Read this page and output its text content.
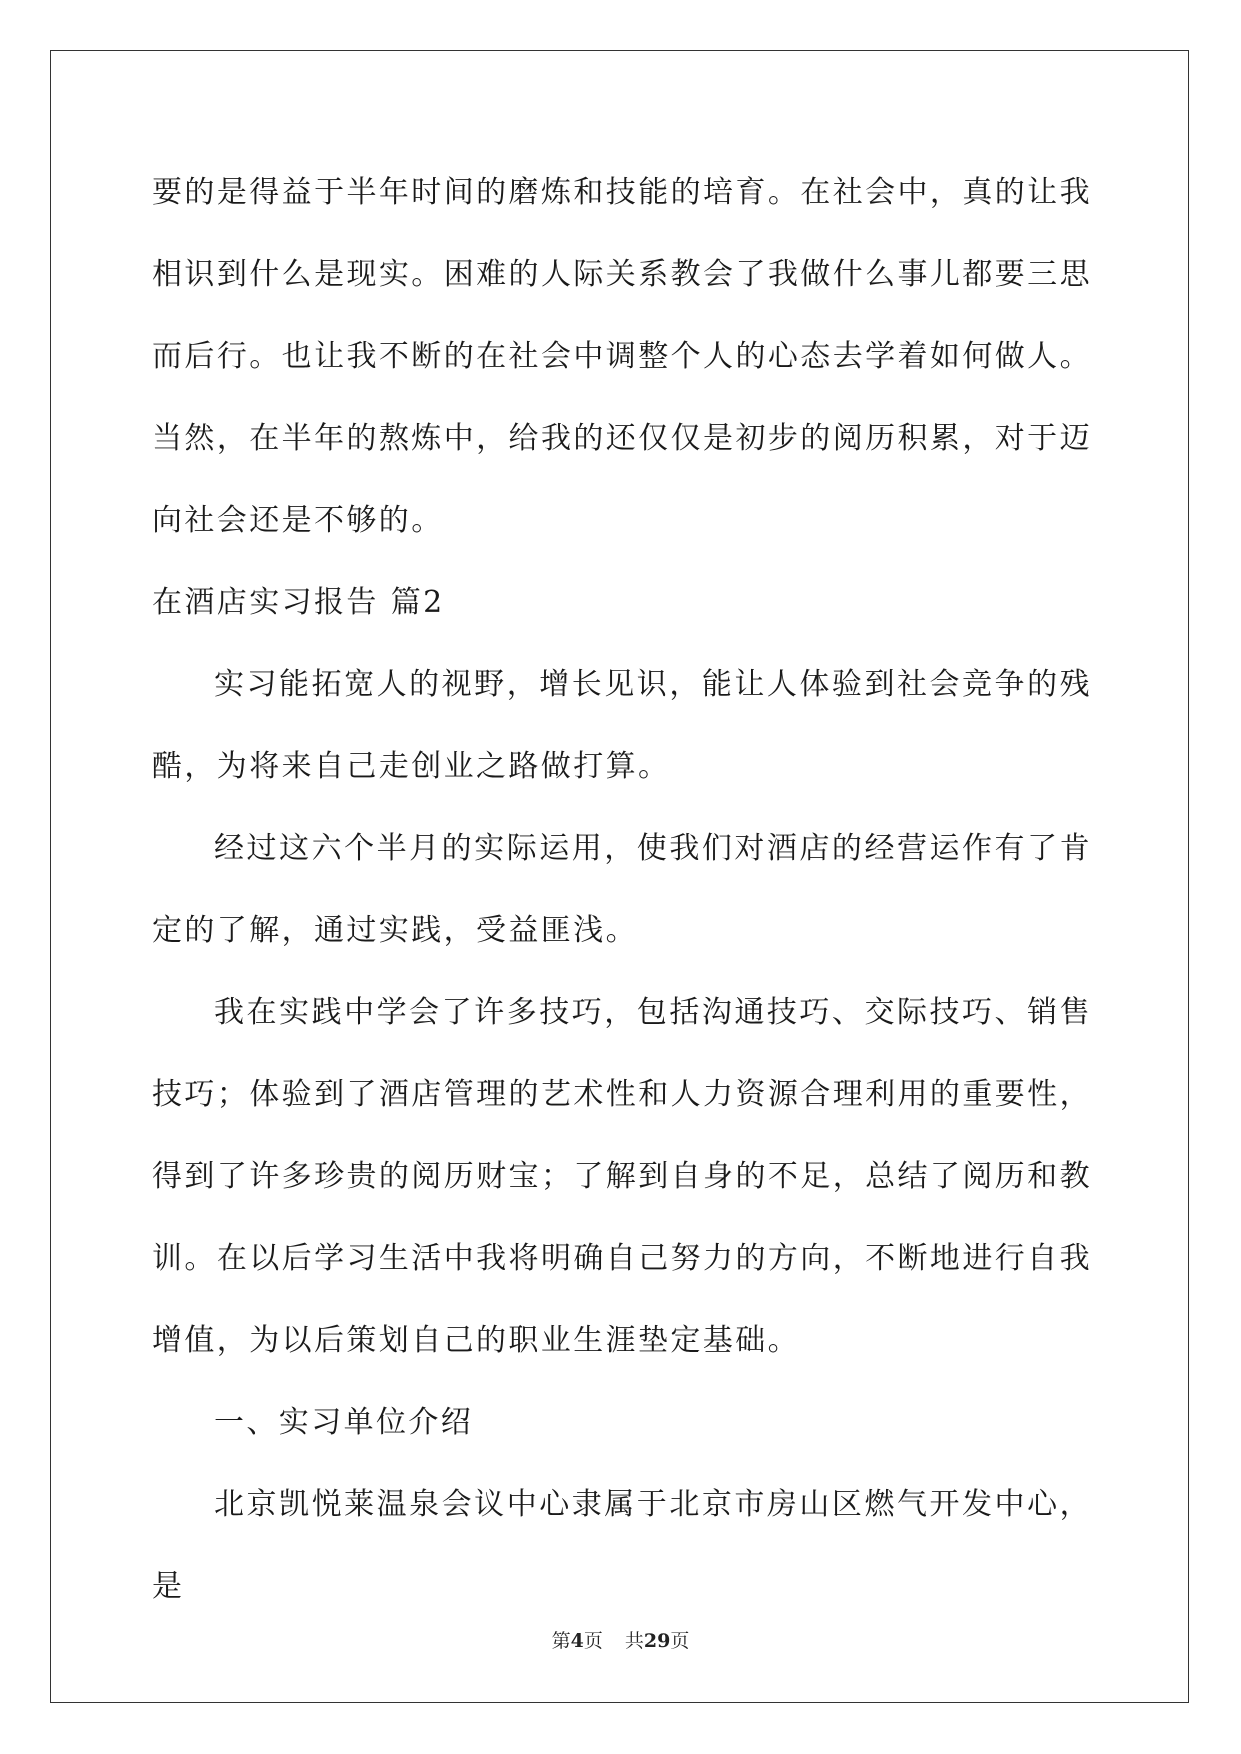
要的是得益于半年时间的磨炼和技能的培育。在社会中，真的让我相识到什么是现实。困难的人际关系教会了我做什么事儿都要三思而后行。也让我不断的在社会中调整个人的心态去学着如何做人。当然，在半年的熬炼中，给我的还仅仅是初步的阅历积累，对于迈向社会还是不够的。

在酒店实习报告 篇2

实习能拓宽人的视野，增长见识，能让人体验到社会竞争的残酷，为将来自己走创业之路做打算。

经过这六个半月的实际运用，使我们对酒店的经营运作有了肯定的了解，通过实践，受益匪浅。

我在实践中学会了许多技巧，包括沟通技巧、交际技巧、销售技巧；体验到了酒店管理的艺术性和人力资源合理利用的重要性，得到了许多珍贵的阅历财宝；了解到自身的不足，总结了阅历和教训。在以后学习生活中我将明确自己努力的方向，不断地进行自我增值，为以后策划自己的职业生涯垫定基础。

一、实习单位介绍

北京凯悦莱温泉会议中心隶属于北京市房山区燃气开发中心，是

第4页 共29页
